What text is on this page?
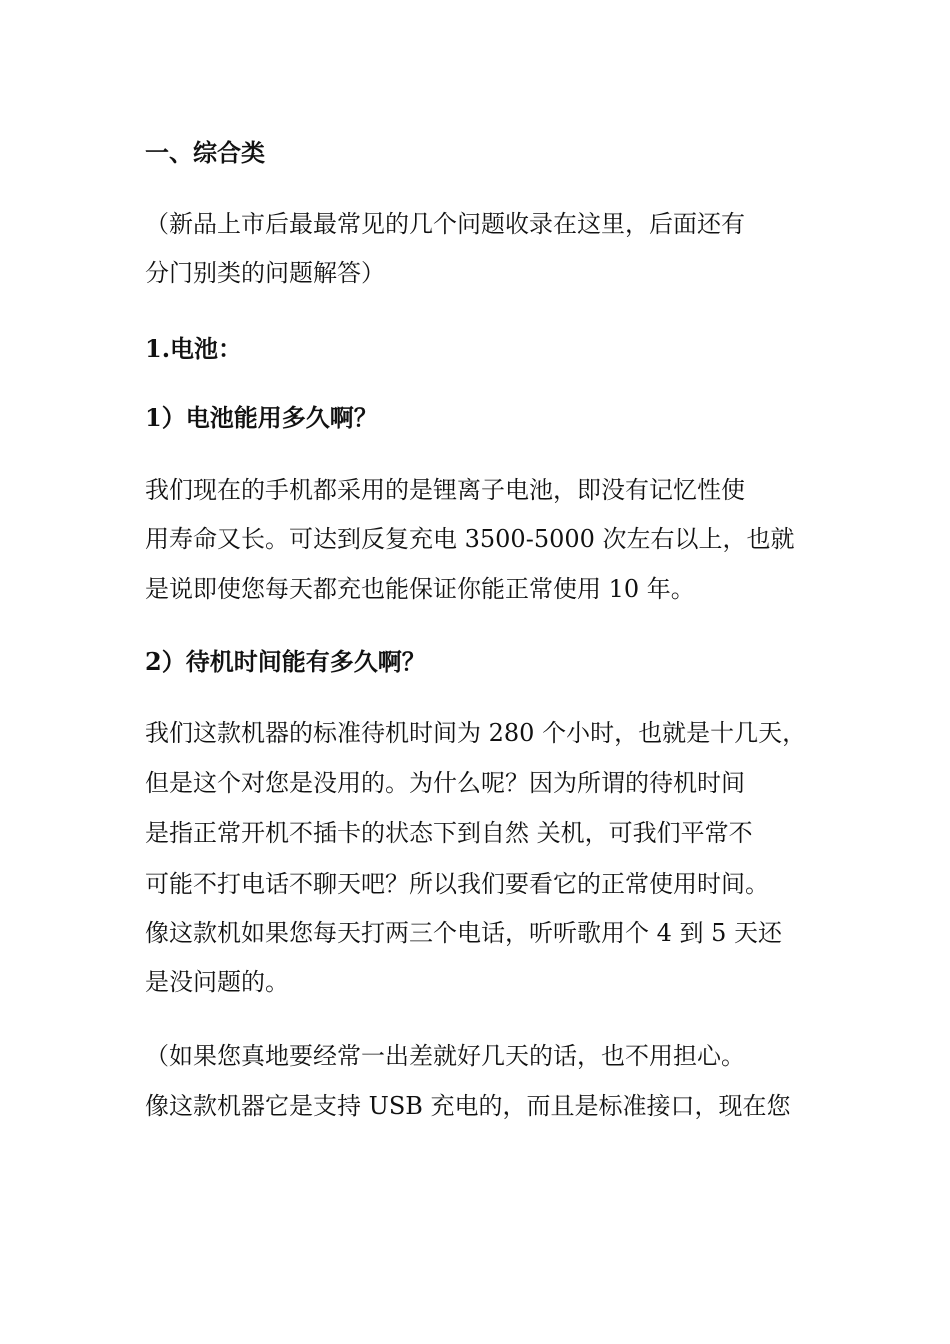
一、综合类
（新品上市后最最常见的几个问题收录在这里，后面还有
分门别类的问题解答）
1.电池：
1）电池能用多久啊？
我们现在的手机都采用的是锂离子电池，即没有记忆性使
用寿命又长。可达到反复充电 3500-5000 次左右以上，也就
是说即使您每天都充也能保证你能正常使用 10 年。
2）待机时间能有多久啊？
我们这款机器的标准待机时间为 280 个小时，也就是十几天，
但是这个对您是没用的。为什么呢？因为所谓的待机时间
是指正常开机不插卡的状态下到自然 关机，可我们平常不
可能不打电话不聊天吧？所以我们要看它的正常使用时间。
像这款机如果您每天打两三个电话，听听歌用个 4 到 5 天还
是没问题的。
（如果您真地要经常一出差就好几天的话，也不用担心。
像这款机器它是支持 USB 充电的，而且是标准接口，现在您
